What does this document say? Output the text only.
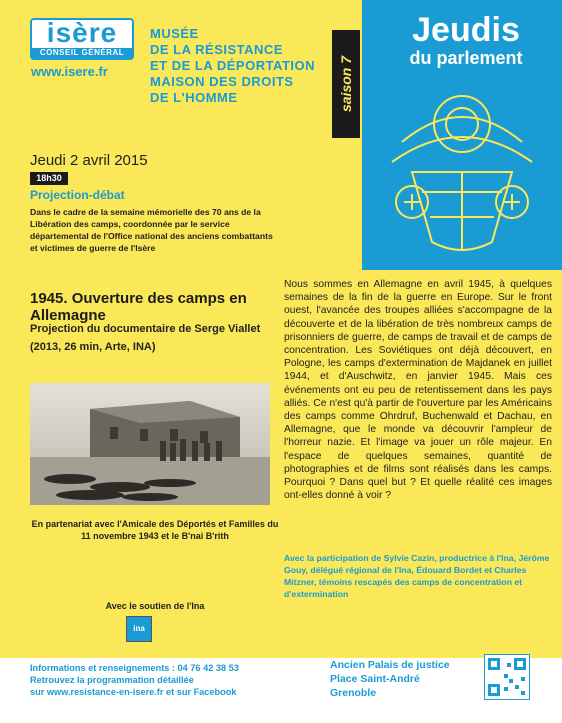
isère
CONSEIL GÉNÉRAL
www.isere.fr
MUSÉE
DE LA RÉSISTANCE
ET DE LA DÉPORTATION
MAISON DES DROITS
DE L'HOMME	saison 7
Jeudis
du parlement
Jeudi 2 avril 2015
18h30
Projection-débat
Dans le cadre de la semaine mémorielle des 70 ans de la Libération des camps, coordonnée par le service départemental de l'Office national des anciens combattants et victimes de guerre de l'Isère
1945. Ouverture des camps en Allemagne
Projection du documentaire de Serge Viallet
(2013, 26 min, Arte, INA)
En partenariat avec l'Amicale des Déportés et Familles du 11 novembre 1943 et le B'nai B'rith
Avec le soutien de l'Ina
ina
Nous sommes en Allemagne en avril 1945, à quelques semaines de la fin de la guerre en Europe. Sur le front ouest, l'avancée des troupes alliées s'accompagne de la découverte et de la libération de très nombreux camps de prisonniers de guerre, de camps de travail et de camps de concentration. Les Soviétiques ont déjà découvert, en Pologne, les camps d'extermination de Majdanek en juillet 1944, et d'Auschwitz, en janvier 1945. Mais ces événements ont eu peu de retentissement dans les pays alliés. Ce n'est qu'à partir de l'ouverture par les Américains des camps comme Ohrdruf, Buchenwald et Dachau, en Allemagne, que le monde va découvrir l'ampleur de l'horreur nazie. Et l'image va jouer un rôle majeur. En l'espace de quelques semaines, quantité de photographies et de films sont réalisés dans les camps. Pourquoi ? Dans quel but ? Et quelle réalité ces images ont-elles donné à voir ?
Avec la participation de Sylvie Cazin, productrice à l'Ina, Jérôme Gouy, délégué régional de l'Ina, Édouard Bordet et Charles Mitzner, témoins rescapés des camps de concentration et d'extermination
Informations et renseignements : 04 76 42 38 53
Retrouvez la programmation détaillée
sur www.resistance-en-isere.fr et sur Facebook
Ancien Palais de justice
Place Saint-André
Grenoble
